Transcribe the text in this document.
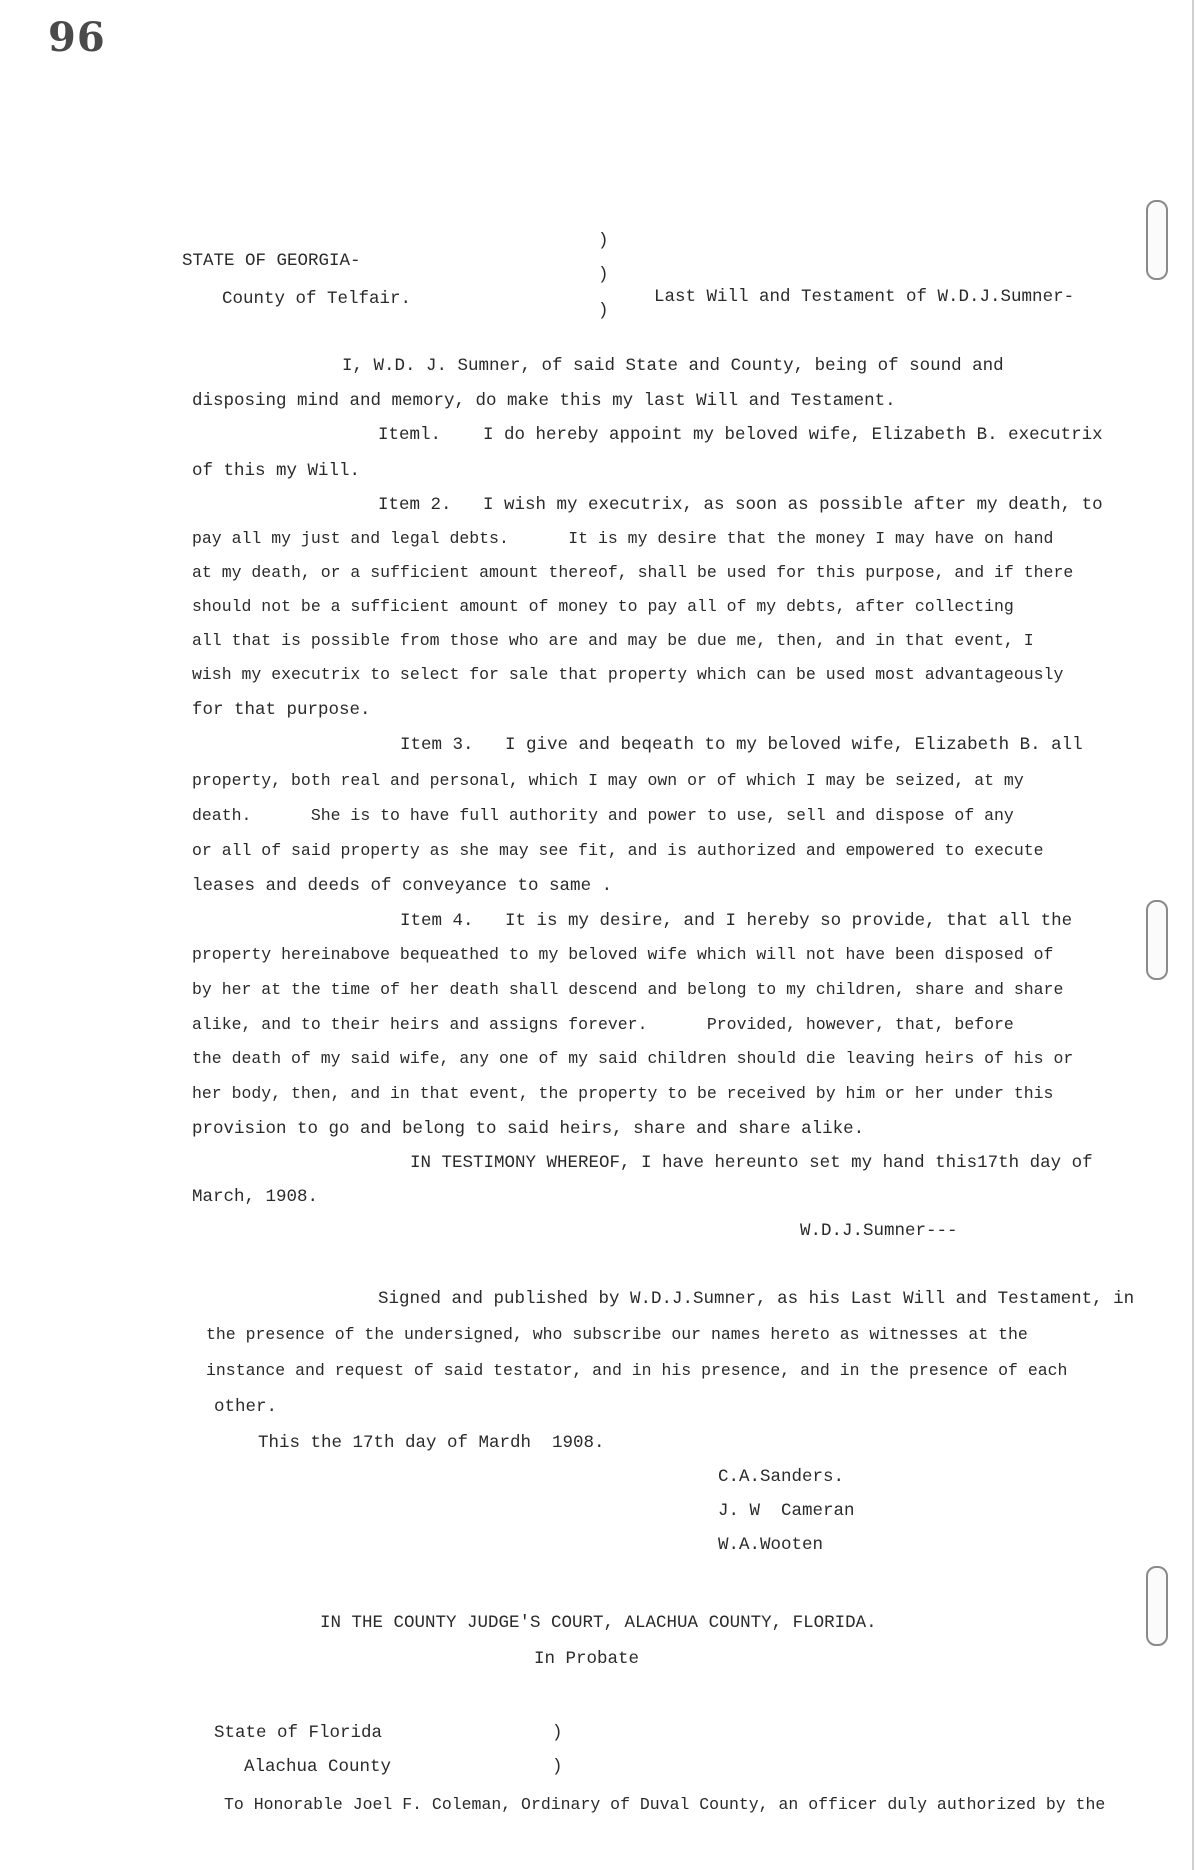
96
STATE OF GEORGIA-
County of Telfair.
)
)
)
Last Will and Testament of W.D.J.Sumner-
I, W.D. J. Sumner, of said State and County, being of sound and
disposing mind and memory, do make this my last Will and Testament.
Iteml.    I do hereby appoint my beloved wife, Elizabeth B. executrix
of this my Will.
Item 2.   I wish my executrix, as soon as possible after my death, to
pay all my just and legal debts.      It is my desire that the money I may have on hand
at my death, or a sufficient amount thereof, shall be used for this purpose, and if there
should not be a sufficient amount of money to pay all of my debts, after collecting
all that is possible from those who are and may be due me, then, and in that event, I
wish my executrix to select for sale that property which can be used most advantageously
for that purpose.
Item 3.   I give and beqeath to my beloved wife, Elizabeth B. all
property, both real and personal, which I may own or of which I may be seized, at my
death.      She is to have full authority and power to use, sell and dispose of any
or all of said property as she may see fit, and is authorized and empowered to execute
leases and deeds of conveyance to same .
Item 4.   It is my desire, and I hereby so provide, that all the
property hereinabove bequeathed to my beloved wife which will not have been disposed of
by her at the time of her death shall descend and belong to my children, share and share
alike, and to their heirs and assigns forever.      Provided, however, that, before
the death of my said wife, any one of my said children should die leaving heirs of his or
her body, then, and in that event, the property to be received by him or her under this
provision to go and belong to said heirs, share and share alike.
IN TESTIMONY WHEREOF, I have hereunto set my hand this17th day of
March, 1908.
W.D.J.Sumner---
Signed and published by W.D.J.Sumner, as his Last Will and Testament, in
the presence of the undersigned, who subscribe our names hereto as witnesses at the
instance and request of said testator, and in his presence, and in the presence of each
other.
This the 17th day of Mardh  1908.
C.A.Sanders.
J. W  Cameran
W.A.Wooten
IN THE COUNTY JUDGE'S COURT, ALACHUA COUNTY, FLORIDA.
In Probate
State of Florida
Alachua County
)
)
To Honorable Joel F. Coleman, Ordinary of Duval County, an officer duly authorized by the
